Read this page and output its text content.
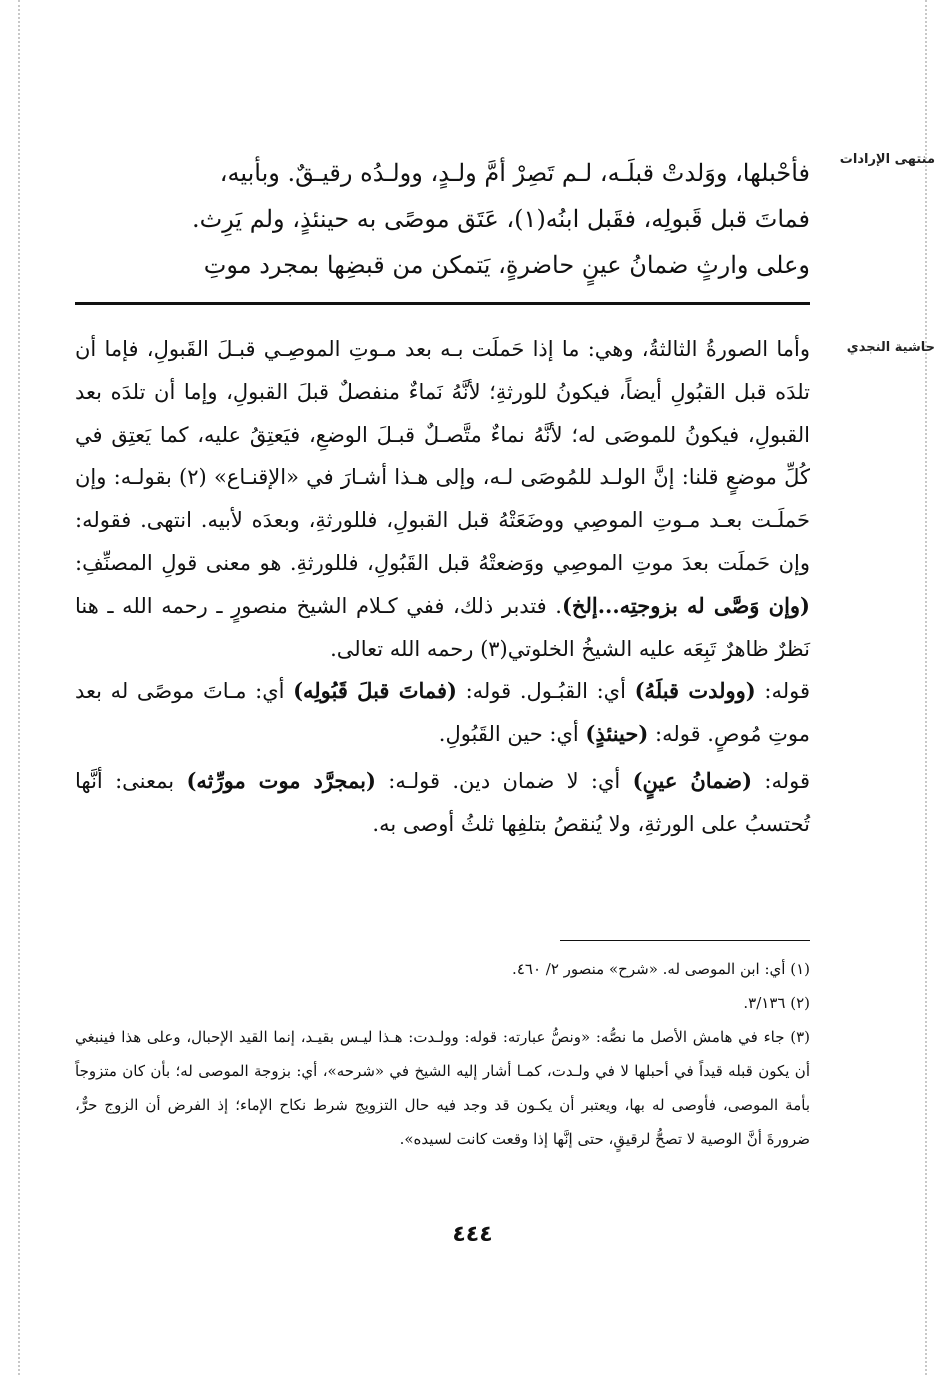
منتهى الإرادات
حاشية النجدي

فأحْبلها، ووَلدتْ قبلَـه، لـم تَصِرْ أمَّ ولـدٍ، وولـدُه رقيـقٌ. وبأبيه،

فماتَ قبل قَبولِه، فقَبل ابنُه(١)، عَتَق موصًى به حينئذٍ، ولم يَرِث.

وعلى وارثٍ ضمانُ عينٍ حاضرةٍ، يَتمكن من قبضِها بمجرد موتِ

وأما الصورةُ الثالثةُ، وهي: ما إذا حَملَت بـه بعد مـوتِ الموصِـي قبـلَ القَبولِ، فإما أن تلدَه قبل القبُولِ أيضاً، فيكونُ للورثةِ؛ لأنَّهُ نَماءٌ منفصلٌ قبلَ القبولِ، وإما أن تلدَه بعد القبولِ، فيكونُ للموصَى له؛ لأنَّهُ نماءٌ متَّصـلٌ قبـلَ الوضعِ، فيَعتِقُ عليه، كما يَعتِق في كُلِّ موضعٍ قلنا: إنَّ الولـد للمُوصَى لـه، وإلى هـذا أشـارَ في «الإقنـاع» (٢) بقولـه: وإن حَملَـت بعـد مـوتِ الموصِي ووضَعَتْهُ قبل القبولِ، فللورثةِ، وبعدَه لأبيه. انتهى. فقوله: وإن حَملَت بعدَ موتِ الموصِي ووَضعتْهُ قبل القَبُولِ، فللورثةِ. هو معنى قولِ المصنِّفِ: (وإن وَصَّى له بزوجتِه...إلخ). فتدبر ذلك، ففي كـلام الشيخ منصورٍ ـ رحمه الله ـ هنا نَظرٌ ظاهرٌ تَبِعَه عليه الشيخُ الخلوتي(٣) رحمه الله تعالى.

قوله: (وولدت قبلَهُ) أي: القبُـول. قوله: (فماتَ قبلَ قَبُولِه) أي: مـاتَ موصًى له بعد موتِ مُوصٍ. قوله: (حينئذٍ) أي: حين القَبُولِ.

قوله: (ضمانُ عينٍ) أي: لا ضمان دين. قولـه: (بمجرَّد موت مورِّثه) بمعنى: أنَّها تُحتسبُ على الورثةِ، ولا يُنقصُ بتلفِها ثلثُ أوصى به.

(١) أي: ابن الموصى له. «شرح» منصور ٢/ ٤٦٠.

(٢) ٣/١٣٦.

(٣) جاء في هامش الأصل ما نصُّه: «ونصُّ عبارته: قوله: وولـدت: هـذا ليـس بقيـد، إنما القيد الإحبال، وعلى هذا فينبغي أن يكون قبله قيداً في أحبلها لا في ولـدت، كمـا أشار إليه الشيخ في «شرحه»، أي: بزوجة الموصى له؛ بأن كان متزوجاً بأمة الموصى، فأوصى له بها، ويعتبر أن يكـون قد وجد فيه حال التزويج شرط نكاح الإماء؛ إذ الفرض أن الزوج حرٌّ، ضرورةَ أنَّ الوصية لا تصحُّ لرقيقٍ، حتى إنَّها إذا وقعت كانت لسيده».

٤٤٤
